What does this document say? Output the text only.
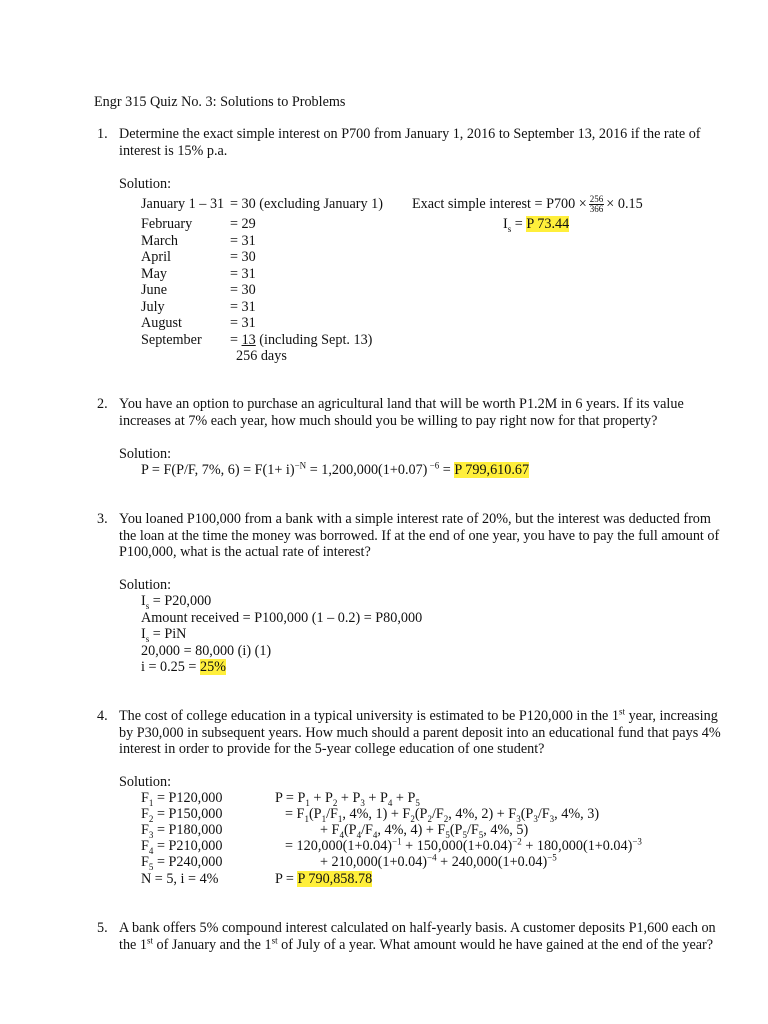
Engr 315 Quiz No. 3: Solutions to Problems
1. Determine the exact simple interest on P700 from January 1, 2016 to September 13, 2016 if the rate of
interest is 15% p.a.
Solution:
January 1 – 31 = 30 (excluding January 1)
February	= 29
March	= 31
April	= 30
May	= 31
June	= 30
July	= 31
August	= 31
September = 13 (including Sept. 13)
256 days
Exact simple interest = $P700 \times \frac{256}{366} \times 0.15$
$I_s = P$ 73.44
2. You have an option to purchase an agricultural land that will be worth P1.2M in 6 years. If its value
increases at 7% each year, how much should you be willing to pay right now for that property?
Solution:
P = F(P/F, 7%, $6) = F(1+ i)^{-N} = 1,200,000(1+0.07)$ $^{-6}$ = P 799,610.67
3. You loaned P100,000 from a bank with a simple interest rate of 20%, but the interest was deducted from
the loan at the time the money was borrowed. If at the end of one year, you have to pay the full amount of
P100,000, what is the actual rate of interest?
Solution:
$I_s = P20,000$
Amount received = P100,000 (1 – 0.2) = P80,000
$I_s$ = PiN
20,000 = 80,000 (i) (1)
i = 0.25 = 25%
4. The cost of college education in a typical university is estimated to be P120,000 in the 1st year, increasing
by P30,000 in subsequent years. How much should a parent deposit into an educational fund that pays 4%
interest in order to provide for the 5-year college education of one student?
Solution:
$F_1 = P120,000$
$F_2 = P150,000$
$F_3 = P180,000$
$F_4 = P210,000$
$F_5 = P240,000$
N = 5, i = 4%
$P = P_1 + P_2 + P_3 + P_4 + P_5$
= $F_1(P_1/F_1$, 4%, $1) + F_2(P_2/F_2$, 4%, $2) + F_3(P_3/F_3$, 4%, 3)
+ $F_4(P_4/F_4$, 4%, $4) + F_5(P_5/F_5$, 4%, 5)
= $120,000(1+0.04)^{-1} + 150,000(1+0.04)^{-2} + 180,000(1+0.04)^{-3}$
+ $210,000(1+0.04)^{-4} + 240,000(1+0.04)^{-5}$
P = P 790,858.78
5. A bank offers 5% compound interest calculated on half-yearly basis. A customer deposits P1,600 each on
the 1st of January and the 1st of July of a year. What amount would he have gained at the end of the year?
